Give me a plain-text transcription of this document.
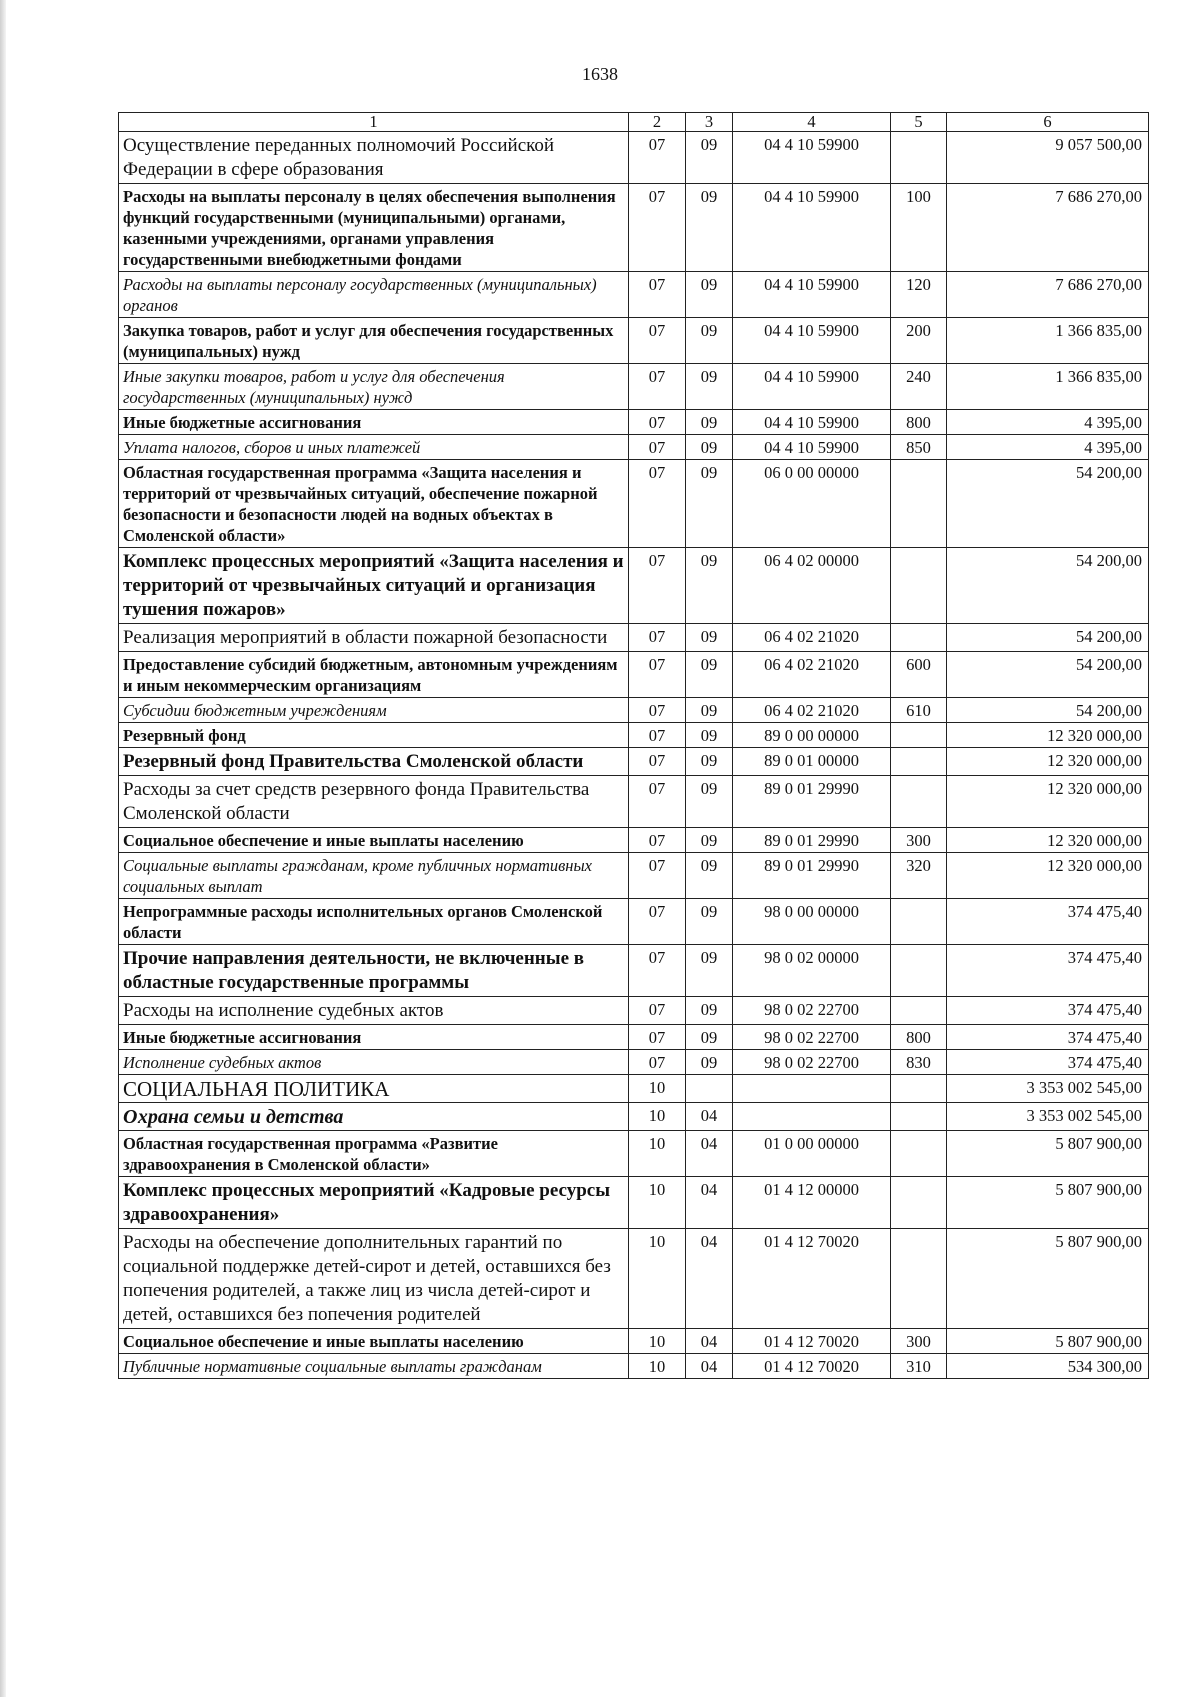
1638
1	2	3	4	5	6
Осуществление переданных полномочий Российской Федерации в сфере образования	07	09	04 4 10 59900		9 057 500,00
Расходы на выплаты персоналу в целях обеспечения выполнения функций государственными (муниципальными) органами, казенными учреждениями, органами управления государственными внебюджетными фондами	07	09	04 4 10 59900	100	7 686 270,00
Расходы на выплаты персоналу государственных (муниципальных) органов	07	09	04 4 10 59900	120	7 686 270,00
Закупка товаров, работ и услуг для обеспечения государственных (муниципальных) нужд	07	09	04 4 10 59900	200	1 366 835,00
Иные закупки товаров, работ и услуг для обеспечения государственных (муниципальных) нужд	07	09	04 4 10 59900	240	1 366 835,00
Иные бюджетные ассигнования	07	09	04 4 10 59900	800	4 395,00
Уплата налогов, сборов и иных платежей	07	09	04 4 10 59900	850	4 395,00
Областная государственная программа «Защита населения и территорий от чрезвычайных ситуаций, обеспечение пожарной безопасности и безопасности людей на водных объектах в Смоленской области»	07	09	06 0 00 00000		54 200,00
Комплекс процессных мероприятий «Защита населения и территорий от чрезвычайных ситуаций и организация тушения пожаров»	07	09	06 4 02 00000		54 200,00
Реализация мероприятий в области пожарной безопасности	07	09	06 4 02 21020		54 200,00
Предоставление субсидий бюджетным, автономным учреждениям и иным некоммерческим организациям	07	09	06 4 02 21020	600	54 200,00
Субсидии бюджетным учреждениям	07	09	06 4 02 21020	610	54 200,00
Резервный фонд	07	09	89 0 00 00000		12 320 000,00
Резервный фонд Правительства Смоленской области	07	09	89 0 01 00000		12 320 000,00
Расходы за счет средств резервного фонда Правительства Смоленской области	07	09	89 0 01 29990		12 320 000,00
Социальное обеспечение и иные выплаты населению	07	09	89 0 01 29990	300	12 320 000,00
Социальные выплаты гражданам, кроме публичных нормативных социальных выплат	07	09	89 0 01 29990	320	12 320 000,00
Непрограммные расходы исполнительных органов Смоленской области	07	09	98 0 00 00000		374 475,40
Прочие направления деятельности, не включенные в областные государственные программы	07	09	98 0 02 00000		374 475,40
Расходы на исполнение судебных актов	07	09	98 0 02 22700		374 475,40
Иные бюджетные ассигнования	07	09	98 0 02 22700	800	374 475,40
Исполнение судебных актов	07	09	98 0 02 22700	830	374 475,40
СОЦИАЛЬНАЯ ПОЛИТИКА	10				3 353 002 545,00
Охрана семьи и детства	10	04			3 353 002 545,00
Областная государственная программа «Развитие здравоохранения в Смоленской области»	10	04	01 0 00 00000		5 807 900,00
Комплекс процессных мероприятий «Кадровые ресурсы здравоохранения»	10	04	01 4 12 00000		5 807 900,00
Расходы на обеспечение дополнительных гарантий по социальной поддержке детей-сирот и детей, оставшихся без попечения родителей, а также лиц из числа детей-сирот и детей, оставшихся без попечения родителей	10	04	01 4 12 70020		5 807 900,00
Социальное обеспечение и иные выплаты населению	10	04	01 4 12 70020	300	5 807 900,00
Публичные нормативные социальные выплаты гражданам	10	04	01 4 12 70020	310	534 300,00
